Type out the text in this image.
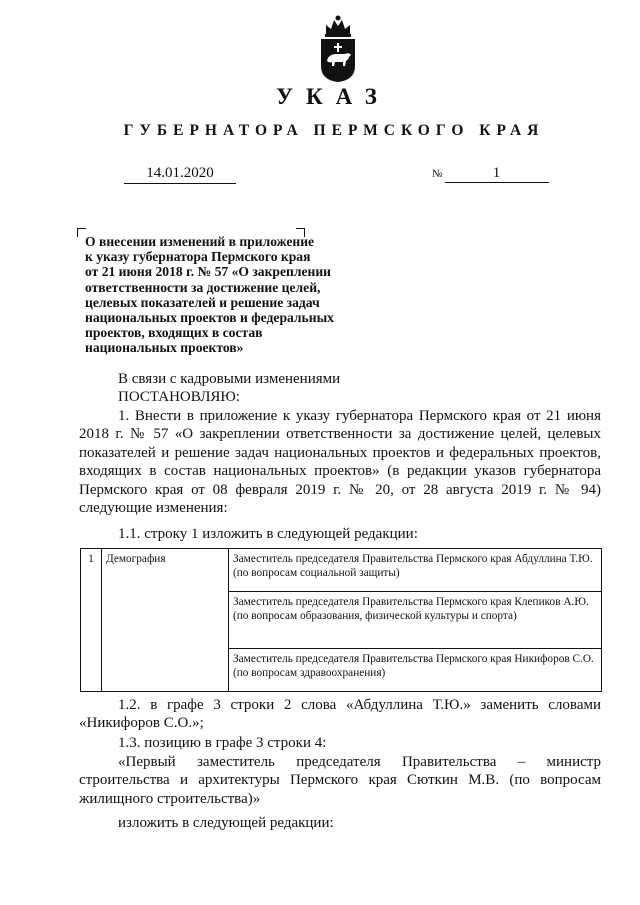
УКАЗ
ГУБЕРНАТОРА ПЕРМСКОГО КРАЯ
14.01.2020	№	1
О внесении изменений в приложение
к указу губернатора Пермского края
от 21 июня 2018 г. № 57 «О закреплении
ответственности за достижение целей,
целевых показателей и решение задач
национальных проектов и федеральных
проектов, входящих в состав
национальных проектов»
В связи с кадровыми изменениями
ПОСТАНОВЛЯЮ:
1. Внести в приложение к указу губернатора Пермского края от 21 июня 2018 г. № 57 «О закреплении ответственности за достижение целей, целевых показателей и решение задач национальных проектов и федеральных проектов, входящих в состав национальных проектов» (в редакции указов губернатора Пермского края от 08 февраля 2019 г. № 20, от 28 августа 2019 г. № 94) следующие изменения:
1.1. строку 1 изложить в следующей редакции:
1	Демография	Заместитель председателя Правительства Пермского края Абдуллина Т.Ю. (по вопросам социальной защиты)
Заместитель председателя Правительства Пермского края Клепиков А.Ю. (по вопросам образования, физической культуры и спорта)
Заместитель председателя Правительства Пермского края Никифоров С.О. (по вопросам здравоохранения)
1.2. в графе 3 строки 2 слова «Абдуллина Т.Ю.» заменить словами «Никифоров С.О.»;
1.3. позицию в графе 3 строки 4:
«Первый заместитель председателя Правительства – министр строительства и архитектуры Пермского края Сюткин М.В. (по вопросам жилищного строительства)»
изложить в следующей редакции:
